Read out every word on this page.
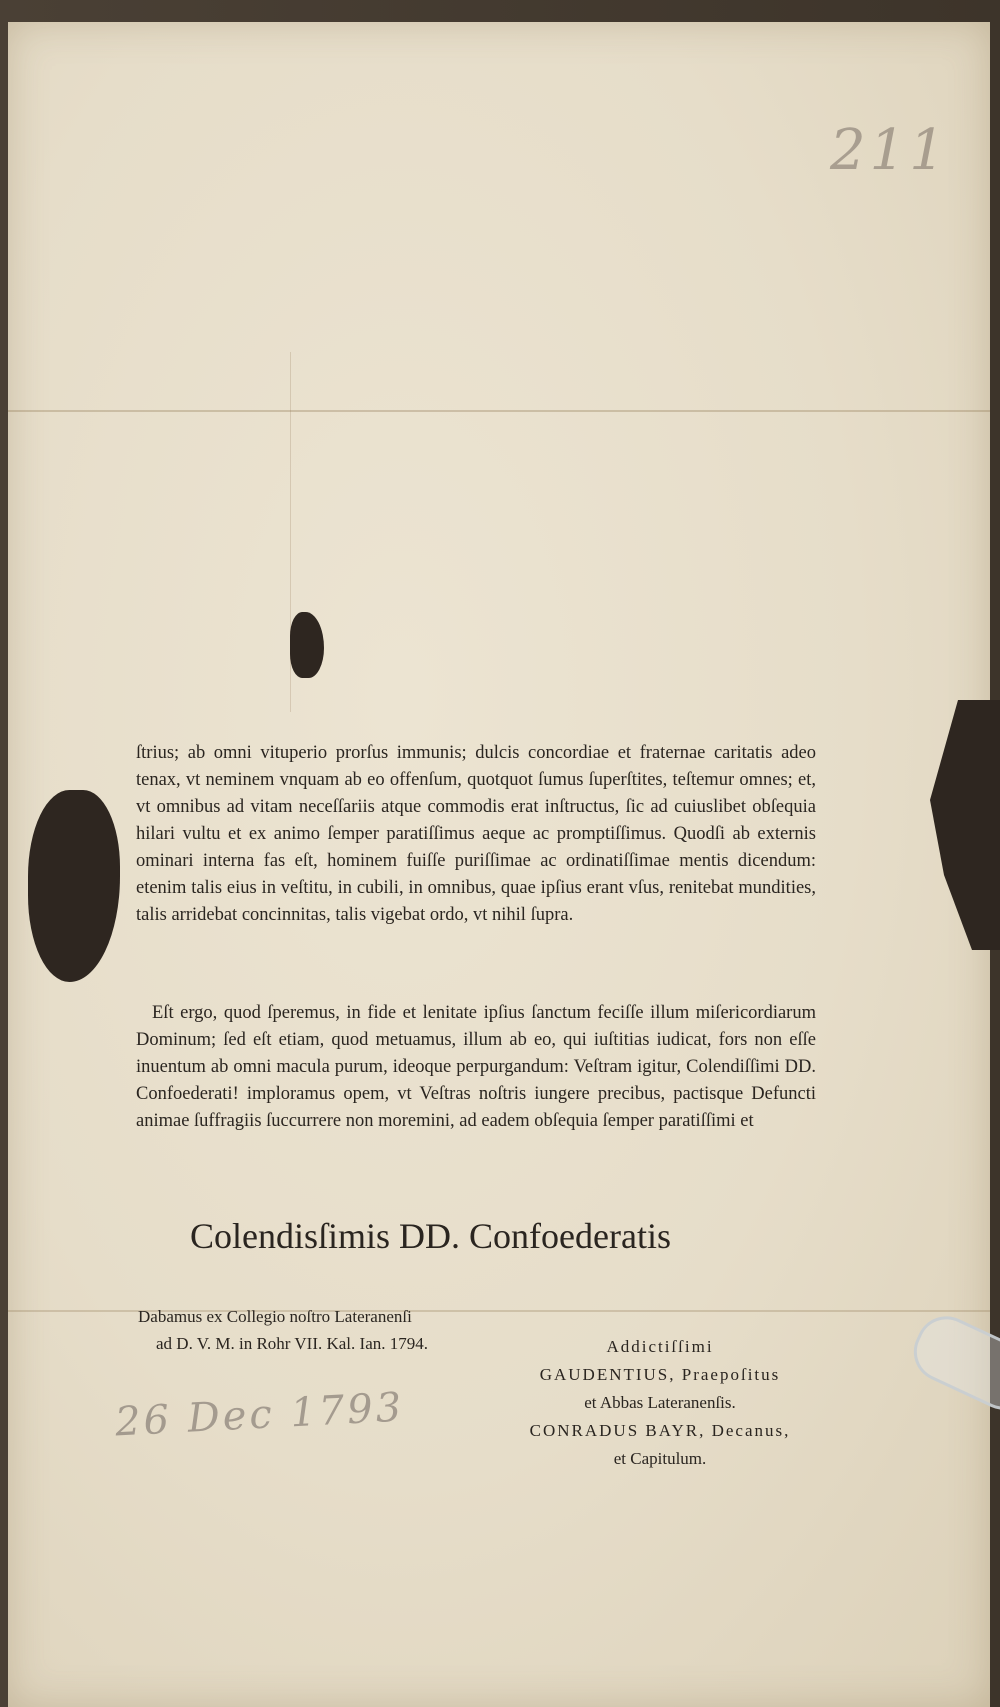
211
ſtrius; ab omni vituperio prorſus immunis; dulcis concordiae et fraternae caritatis adeo tenax, vt neminem vnquam ab eo offenſum, quotquot ſumus ſuperſtites, teſtemur omnes; et, vt omnibus ad vitam neceſſariis atque commodis erat inſtructus, ſic ad cuiuslibet obſequia hilari vultu et ex animo ſemper paratiſſimus aeque ac promptiſſimus. Quodſi ab externis ominari interna fas eſt, hominem fuiſſe puriſſimae ac ordinatiſſimae mentis dicendum: etenim talis eius in veſtitu, in cubili, in omnibus, quae ipſius erant vſus, renitebat mundities, talis arridebat concinnitas, talis vigebat ordo, vt nihil ſupra.
Eſt ergo, quod ſperemus, in fide et lenitate ipſius ſanctum feciſſe illum miſericordiarum Dominum; ſed eſt etiam, quod metuamus, illum ab eo, qui iuſtitias iudicat, fors non eſſe inuentum ab omni macula purum, ideoque perpurgandum: Veſtram igitur, Colendiſſimi DD. Confoederati! imploramus opem, vt Veſtras noſtris iungere precibus, pactisque Defuncti animae ſuffragiis ſuccurrere non moremini, ad eadem obſequia ſemper paratiſſimi et
Colendisſimis DD. Confoederatis
Dabamus ex Collegio noſtro Lateranenſi
ad D. V. M. in Rohr VII. Kal. Ian. 1794.	Addictiſſimi
GAUDENTIUS, Praepoſitus
et Abbas Lateranenſis.
CONRADUS BAYR, Decanus,
et Capitulum.
26 Dec 1793
